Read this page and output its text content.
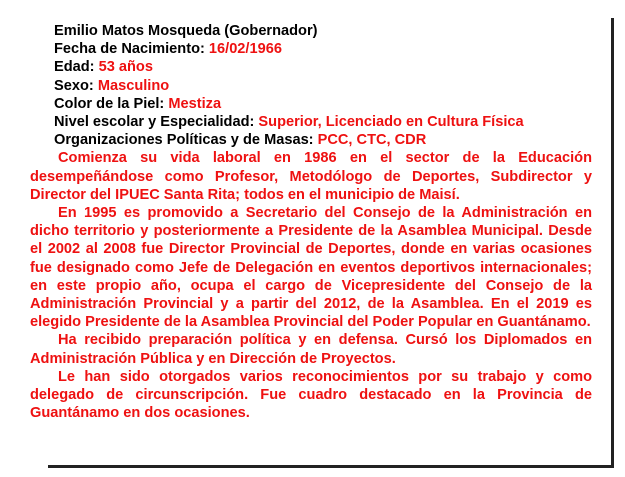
Emilio Matos Mosqueda (Gobernador)

Fecha de Nacimiento: 16/02/1966

Edad: 53 años

Sexo: Masculino

Color de la Piel: Mestiza

Nivel escolar y Especialidad: Superior, Licenciado en Cultura Física

Organizaciones Políticas y de Masas: PCC, CTC, CDR

Comienza su vida laboral en 1986 en el sector de la Educación desempeñándose como Profesor, Metodólogo de Deportes, Subdirector y Director del IPUEC Santa Rita; todos en el municipio de Maisí.

En 1995 es promovido a Secretario del Consejo de la Administración en dicho territorio y posteriormente a Presidente de la Asamblea Municipal. Desde el 2002 al 2008 fue Director Provincial de Deportes, donde en varias ocasiones fue designado como Jefe de Delegación en eventos deportivos internacionales; en este propio año, ocupa el cargo de Vicepresidente del Consejo de la Administración Provincial y a partir del 2012, de la Asamblea. En el 2019 es elegido Presidente de la Asamblea Provincial del Poder Popular en Guantánamo.

Ha recibido preparación política y en defensa. Cursó los Diplomados en Administración Pública y en Dirección de Proyectos.

Le han sido otorgados varios reconocimientos por su trabajo y como delegado de circunscripción. Fue cuadro destacado en la Provincia de Guantánamo en dos ocasiones.
